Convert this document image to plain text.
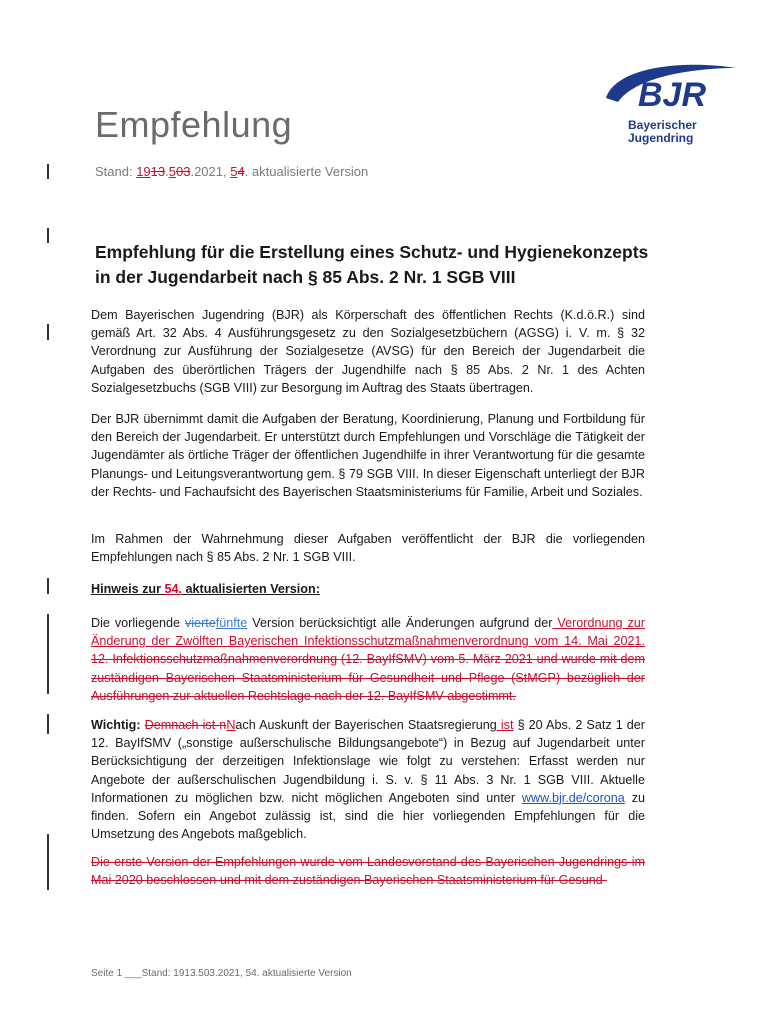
BJR
Bayerischer
Jugendring
Empfehlung
Stand: 1913.503.2021, 54. aktualisierte Version
Empfehlung für die Erstellung eines Schutz- und Hygienekonzepts in der Jugendarbeit nach § 85 Abs. 2 Nr. 1 SGB VIII
Dem Bayerischen Jugendring (BJR) als Körperschaft des öffentlichen Rechts (K.d.ö.R.) sind gemäß Art. 32 Abs. 4 Ausführungsgesetz zu den Sozialgesetzbüchern (AGSG) i. V. m. § 32 Verordnung zur Ausführung der Sozialgesetze (AVSG) für den Bereich der Jugendarbeit die Aufgaben des überörtlichen Trägers der Jugendhilfe nach § 85 Abs. 2 Nr. 1 des Achten Sozialgesetzbuchs (SGB VIII) zur Besorgung im Auftrag des Staats übertragen.
Der BJR übernimmt damit die Aufgaben der Beratung, Koordinierung, Planung und Fortbildung für den Bereich der Jugendarbeit. Er unterstützt durch Empfehlungen und Vorschläge die Tätigkeit der Jugendämter als örtliche Träger der öffentlichen Jugendhilfe in ihrer Verantwortung für die gesamte Planungs- und Leitungsverantwortung gem. § 79 SGB VIII. In dieser Eigenschaft unterliegt der BJR der Rechts- und Fachaufsicht des Bayerischen Staatsministeriums für Familie, Arbeit und Soziales.
Im Rahmen der Wahrnehmung dieser Aufgaben veröffentlicht der BJR die vorliegenden Empfehlungen nach § 85 Abs. 2 Nr. 1 SGB VIII.
Hinweis zur 54. aktualisierten Version:
Die vorliegende viertefünfte Version berücksichtigt alle Änderungen aufgrund der Verordnung zur Änderung der Zwölften Bayerischen Infektionsschutzmaßnahmenverordnung vom 14. Mai 2021. 12. Infektionsschutzmaßnahmenverordnung (12. BayIfSMV) vom 5. März 2021 und wurde mit dem zuständigen Bayerischen Staatsministerium für Gesundheit und Pflege (StMGP) bezüglich der Ausführungen zur aktuellen Rechtslage nach der 12. BayIfSMV abgestimmt.
Wichtig: Demnach ist nNach Auskunft der Bayerischen Staatsregierung ist § 20 Abs. 2 Satz 1 der 12. BayIfSMV („sonstige außerschulische Bildungsangebote“) in Bezug auf Jugendarbeit unter Berücksichtigung der derzeitigen Infektionslage wie folgt zu verstehen: Erfasst werden nur Angebote der außerschulischen Jugendbildung i. S. v. § 11 Abs. 3 Nr. 1 SGB VIII. Aktuelle Informationen zu möglichen bzw. nicht möglichen Angeboten sind unter www.bjr.de/corona zu finden. Sofern ein Angebot zulässig ist, sind die hier vorliegenden Empfehlungen für die Umsetzung des Angebots maßgeblich.
Die erste Version der Empfehlungen wurde vom Landesvorstand des Bayerischen Jugendrings im Mai 2020 beschlossen und mit dem zuständigen Bayerischen Staatsministerium für Gesund-
Seite 1 ___Stand: 1913.503.2021, 54. aktualisierte Version
